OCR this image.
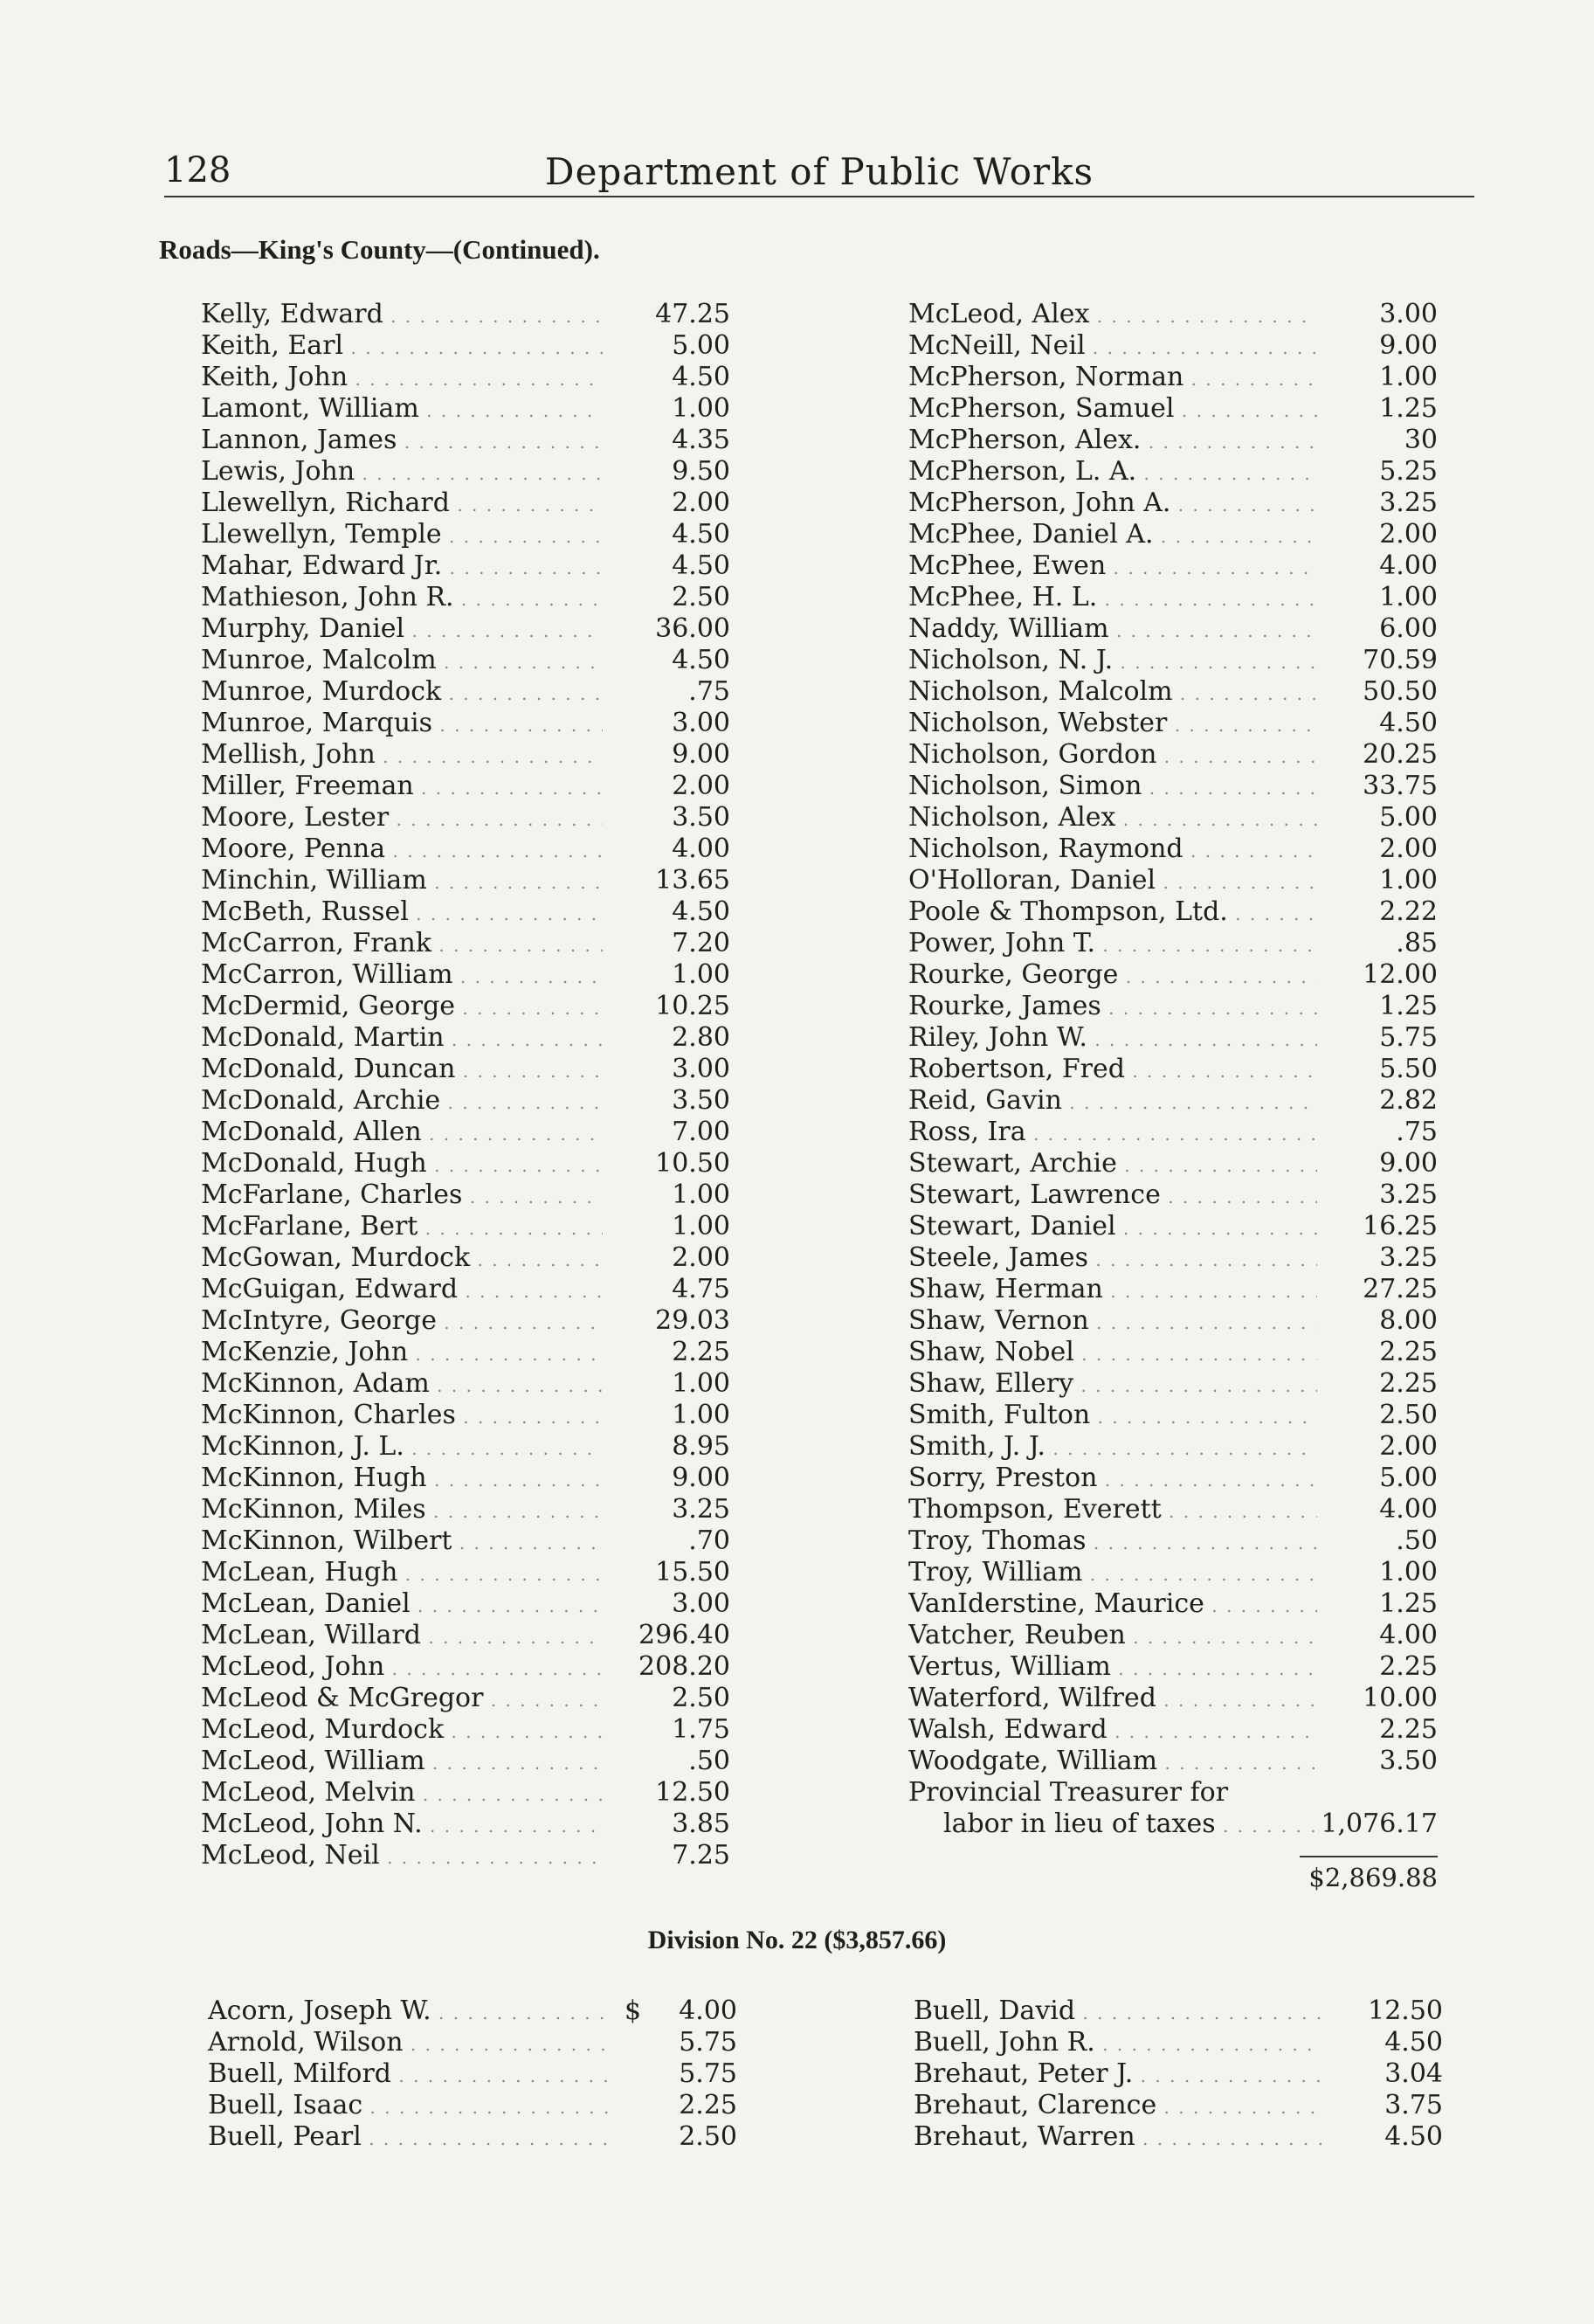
128	Department of Public Works
Roads—King's County—(Continued).
Kelly, Edward . . .	47.25
Keith, Earl . . .	5.00
Keith, John . . .	4.50
Lamont, William . . .	1.00
Lannon, James . . .	4.35
Lewis, John . . .	9.50
Llewellyn, Richard . . .	2.00
Llewellyn, Temple . . .	4.50
Mahar, Edward Jr. . . .	4.50
Mathieson, John R. . . .	2.50
Murphy, Daniel . . .	36.00
Munroe, Malcolm . . .	4.50
Munroe, Murdock . . .	.75
Munroe, Marquis . . .	3.00
Mellish, John . . .	9.00
Miller, Freeman . . .	2.00
Moore, Lester . . .	3.50
Moore, Penna . . .	4.00
Minchin, William . . .	13.65
McBeth, Russel . . .	4.50
McCarron, Frank . . .	7.20
McCarron, William . . .	1.00
McDermid, George . . .	10.25
McDonald, Martin . . .	2.80
McDonald, Duncan . . .	3.00
McDonald, Archie . . .	3.50
McDonald, Allen . . .	7.00
McDonald, Hugh . . .	10.50
McFarlane, Charles . . .	1.00
McFarlane, Bert . . .	1.00
McGowan, Murdock . . .	2.00
McGuigan, Edward . . .	4.75
McIntyre, George . . .	29.03
McKenzie, John . . .	2.25
McKinnon, Adam . . .	1.00
McKinnon, Charles . . .	1.00
McKinnon, J. L. . . .	8.95
McKinnon, Hugh . . .	9.00
McKinnon, Miles . . .	3.25
McKinnon, Wilbert . . .	.70
McLean, Hugh . . .	15.50
McLean, Daniel . . .	3.00
McLean, Willard . . .	296.40
McLeod, John . . .	208.20
McLeod & McGregor . . .	2.50
McLeod, Murdock . . .	1.75
McLeod, William . . .	.50
McLeod, Melvin . . .	12.50
McLeod, John N. . . .	3.85
McLeod, Neil . . .	7.25
McLeod, Alex . . .	3.00
McNeill, Neil . . .	9.00
McPherson, Norman . . .	1.00
McPherson, Samuel . . .	1.25
McPherson, Alex. . . .	30
McPherson, L. A. . . .	5.25
McPherson, John A. . . .	3.25
McPhee, Daniel A. . . .	2.00
McPhee, Ewen . . .	4.00
McPhee, H. L. . . .	1.00
Naddy, William . . .	6.00
Nicholson, N. J. . . .	70.59
Nicholson, Malcolm . . .	50.50
Nicholson, Webster . . .	4.50
Nicholson, Gordon . . .	20.25
Nicholson, Simon . . .	33.75
Nicholson, Alex . . .	5.00
Nicholson, Raymond . . .	2.00
O'Holloran, Daniel . . .	1.00
Poole & Thompson, Ltd. . . .	2.22
Power, John T. . . .	.85
Rourke, George . . .	12.00
Rourke, James . . .	1.25
Riley, John W. . . .	5.75
Robertson, Fred . . .	5.50
Reid, Gavin . . .	2.82
Ross, Ira . . .	.75
Stewart, Archie . . .	9.00
Stewart, Lawrence . . .	3.25
Stewart, Daniel . . .	16.25
Steele, James . . .	3.25
Shaw, Herman . . .	27.25
Shaw, Vernon . . .	8.00
Shaw, Nobel . . .	2.25
Shaw, Ellery . . .	2.25
Smith, Fulton . . .	2.50
Smith, J. J. . . .	2.00
Sorry, Preston . . .	5.00
Thompson, Everett . . .	4.00
Troy, Thomas . . .	.50
Troy, William . . .	1.00
VanIderstine, Maurice . . .	1.25
Vatcher, Reuben . . .	4.00
Vertus, William . . .	2.25
Waterford, Wilfred . . .	10.00
Walsh, Edward . . .	2.25
Woodgate, William . . .	3.50
Provincial Treasurer for
labor in lieu of taxes . . .	1,076.17
$2,869.88
Division No. 22 ($3,857.66)
Acorn, Joseph W. . . .	$ 4.00
Arnold, Wilson . . .	5.75
Buell, Milford . . .	5.75
Buell, Isaac . . .	2.25
Buell, Pearl . . .	2.50
Buell, David . . .	12.50
Buell, John R. . . .	4.50
Brehaut, Peter J. . . .	3.04
Brehaut, Clarence . . .	3.75
Brehaut, Warren . . .	4.50
